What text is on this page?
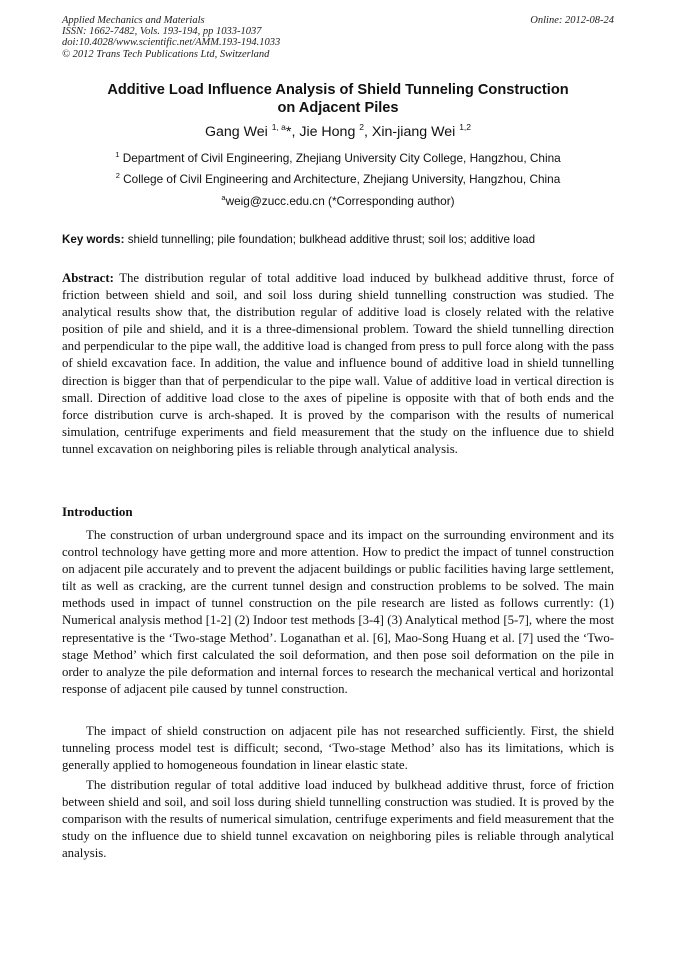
Applied Mechanics and Materials
ISSN: 1662-7482, Vols. 193-194, pp 1033-1037
doi:10.4028/www.scientific.net/AMM.193-194.1033
© 2012 Trans Tech Publications Ltd, Switzerland
Online: 2012-08-24
Additive Load Influence Analysis of Shield Tunneling Construction
on Adjacent Piles
Gang Wei $^{1, a}$*, Jie Hong $^2$, Xin-jiang Wei $^{1,2}$
$^1$ Department of Civil Engineering, Zhejiang University City College, Hangzhou, China
$^2$ College of Civil Engineering and Architecture, Zhejiang University, Hangzhou, China
$^a$weig@zucc.edu.cn (*Corresponding author)
Key words: shield tunnelling; pile foundation; bulkhead additive thrust; soil los; additive load

Abstract: The distribution regular of total additive load induced by bulkhead additive thrust, force of friction between shield and soil, and soil loss during shield tunnelling construction was studied. The analytical results show that, the distribution regular of additive load is closely related with the relative position of pile and shield, and it is a three-dimensional problem. Toward the shield tunnelling direction and perpendicular to the pipe wall, the additive load is changed from press to pull force along with the pass of shield excavation face. In addition, the value and influence bound of additive load in shield tunnelling direction is bigger than that of perpendicular to the pipe wall. Value of additive load in vertical direction is small. Direction of additive load close to the axes of pipeline is opposite with that of both ends and the force distribution curve is arch-shaped. It is proved by the comparison with the results of numerical simulation, centrifuge experiments and field measurement that the study on the influence due to shield tunnel excavation on neighboring piles is reliable through analytical analysis.

Introduction

The construction of urban underground space and its impact on the surrounding environment and its control technology have getting more and more attention. How to predict the impact of tunnel construction on adjacent pile accurately and to prevent the adjacent buildings or public facilities having large settlement, tilt as well as cracking, are the current tunnel design and construction problems to be solved. The main methods used in impact of tunnel construction on the pile research are listed as follows currently: (1) Numerical analysis method [1-2] (2) Indoor test methods [3-4] (3) Analytical method [5-7], where the most representative is the ‘Two-stage Method’. Loganathan et al. [6], Mao-Song Huang et al. [7] used the ‘Two-stage Method’ which first calculated the soil deformation, and then pose soil deformation on the pile in order to analyze the pile deformation and internal forces to research the mechanical vertical and horizontal response of adjacent pile caused by tunnel construction.

The impact of shield construction on adjacent pile has not researched sufficiently. First, the shield tunneling process model test is difficult; second, ‘Two-stage Method’ also has its limitations, which is generally applied to homogeneous foundation in linear elastic state.

The distribution regular of total additive load induced by bulkhead additive thrust, force of friction between shield and soil, and soil loss during shield tunnelling construction was studied. It is proved by the comparison with the results of numerical simulation, centrifuge experiments and field measurement that the study on the influence due to shield tunnel excavation on neighboring piles is reliable through analytical analysis.
